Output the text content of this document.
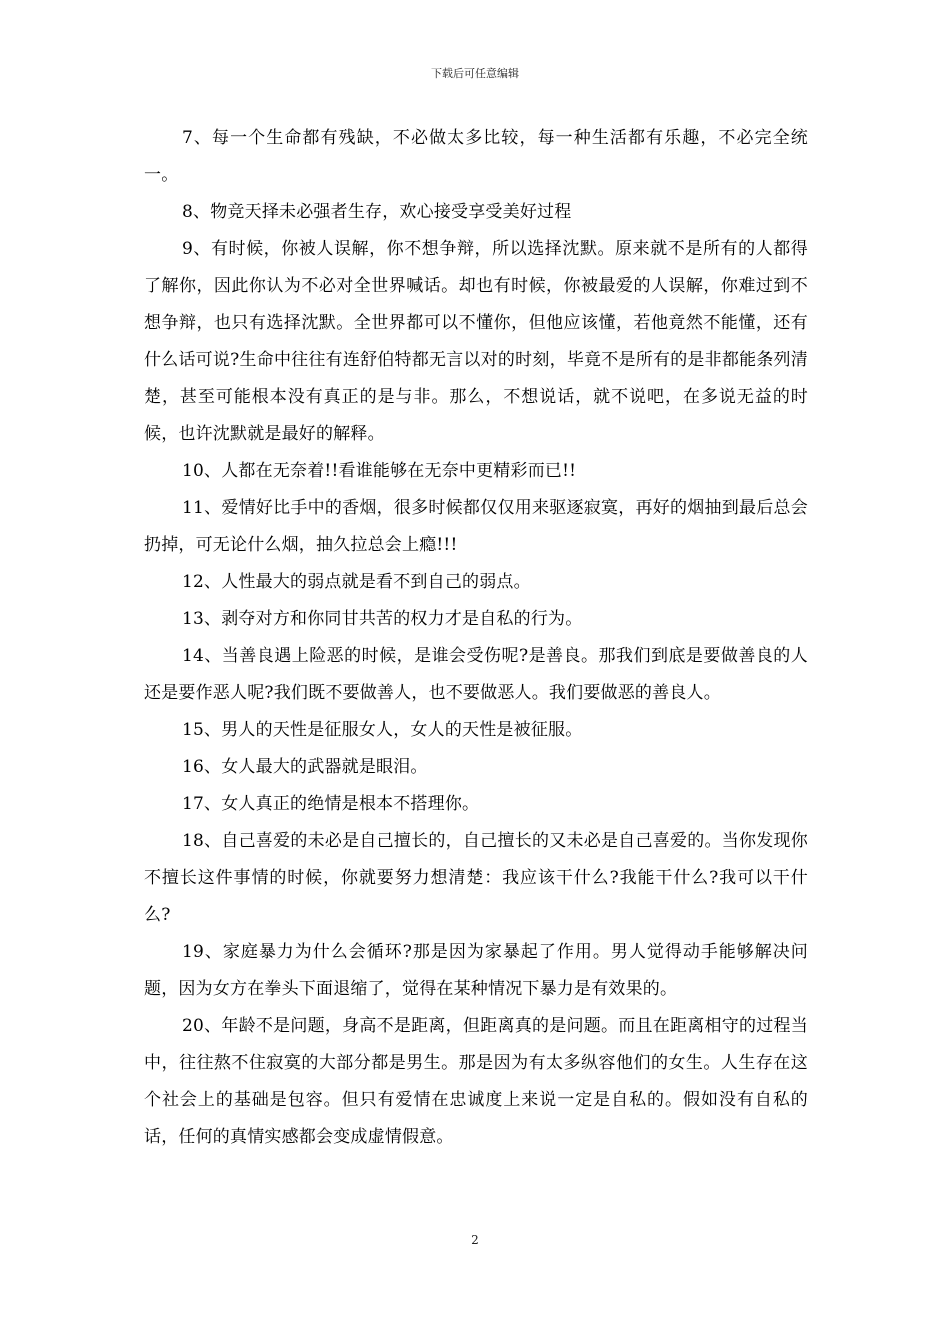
下载后可任意编辑

7、每一个生命都有残缺，不必做太多比较，每一种生活都有乐趣，不必完全统一。

8、物竞天择未必强者生存，欢心接受享受美好过程

9、有时候，你被人误解，你不想争辩，所以选择沈默。原来就不是所有的人都得了解你，因此你认为不必对全世界喊话。却也有时候，你被最爱的人误解，你难过到不想争辩，也只有选择沈默。全世界都可以不懂你，但他应该懂，若他竟然不能懂，还有什么话可说?生命中往往有连舒伯特都无言以对的时刻，毕竟不是所有的是非都能条列清楚，甚至可能根本没有真正的是与非。那么，不想说话，就不说吧，在多说无益的时候，也许沈默就是最好的解释。

10、人都在无奈着!!看谁能够在无奈中更精彩而已!!

11、爱情好比手中的香烟，很多时候都仅仅用来驱逐寂寞，再好的烟抽到最后总会扔掉，可无论什么烟，抽久拉总会上瘾!!!

12、人性最大的弱点就是看不到自己的弱点。

13、剥夺对方和你同甘共苦的权力才是自私的行为。

14、当善良遇上险恶的时候，是谁会受伤呢?是善良。那我们到底是要做善良的人还是要作恶人呢?我们既不要做善人，也不要做恶人。我们要做恶的善良人。

15、男人的天性是征服女人，女人的天性是被征服。

16、女人最大的武器就是眼泪。

17、女人真正的绝情是根本不搭理你。

18、自己喜爱的未必是自己擅长的，自己擅长的又未必是自己喜爱的。当你发现你不擅长这件事情的时候，你就要努力想清楚：我应该干什么?我能干什么?我可以干什么?

19、家庭暴力为什么会循环?那是因为家暴起了作用。男人觉得动手能够解决问题，因为女方在拳头下面退缩了，觉得在某种情况下暴力是有效果的。

20、年龄不是问题，身高不是距离，但距离真的是问题。而且在距离相守的过程当中，往往熬不住寂寞的大部分都是男生。那是因为有太多纵容他们的女生。人生存在这个社会上的基础是包容。但只有爱情在忠诚度上来说一定是自私的。假如没有自私的话，任何的真情实感都会变成虚情假意。

2
